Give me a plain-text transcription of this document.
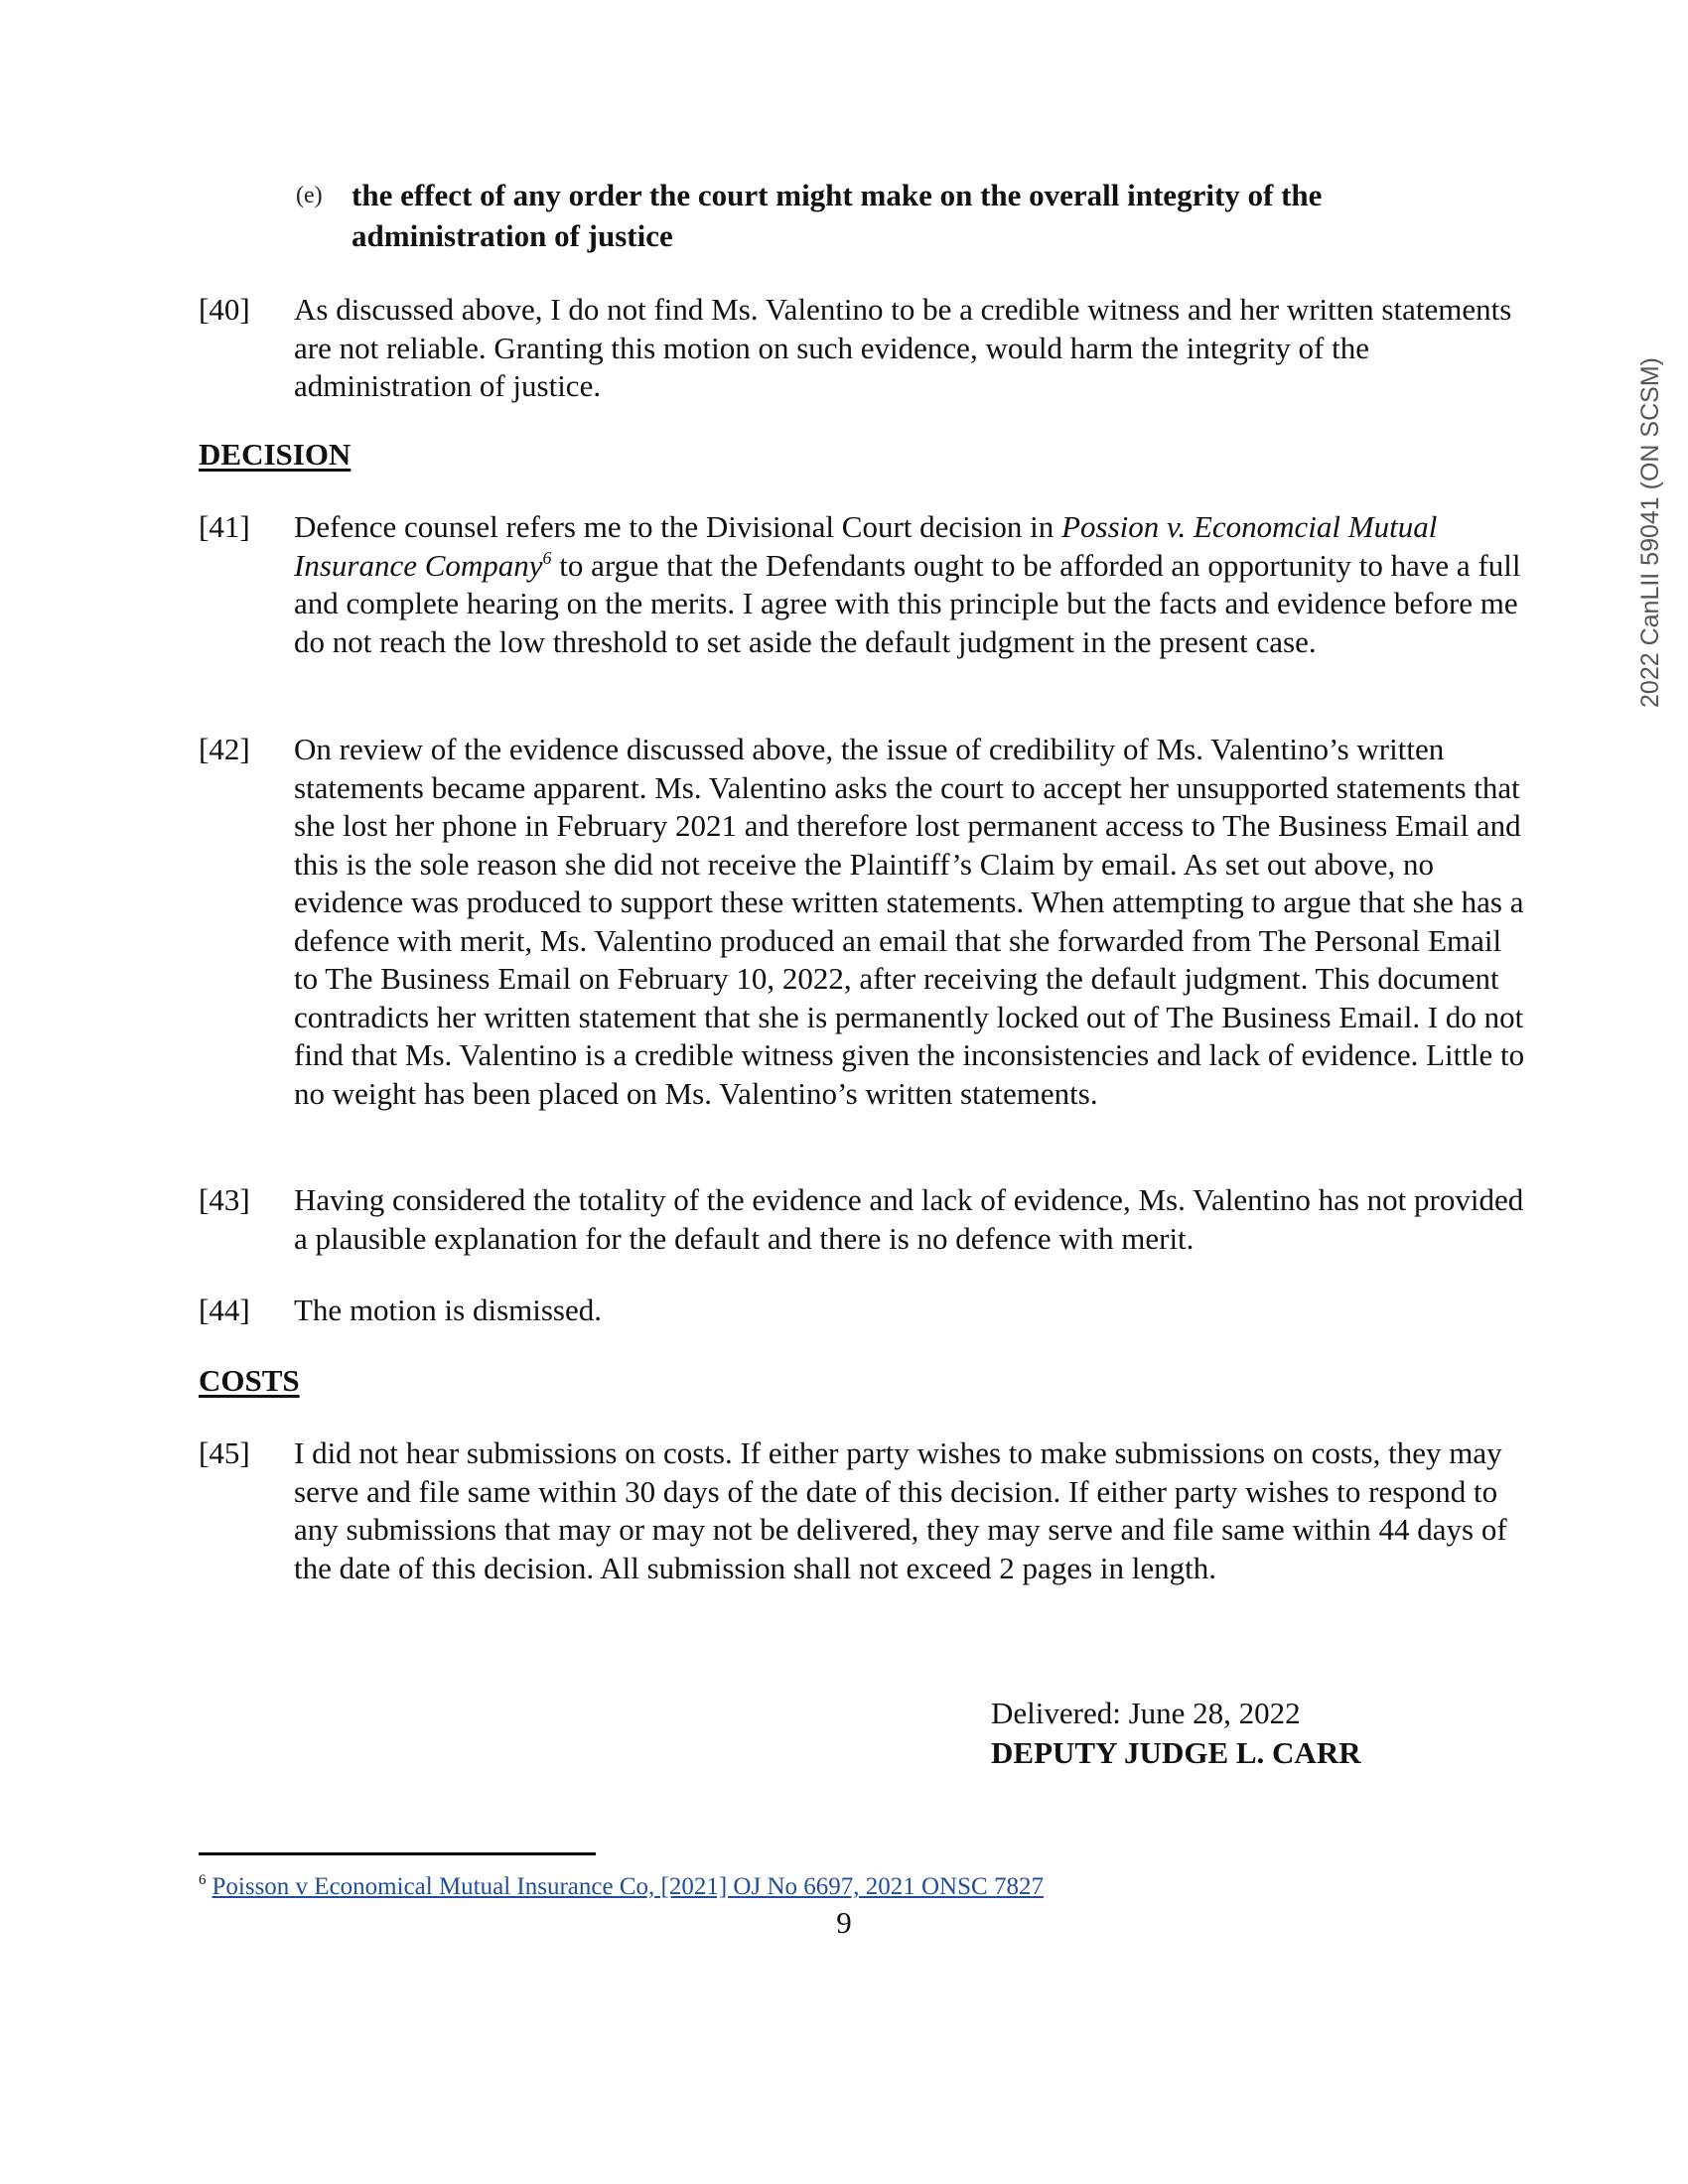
(e) the effect of any order the court might make on the overall integrity of the administration of justice
[40] As discussed above, I do not find Ms. Valentino to be a credible witness and her written statements are not reliable. Granting this motion on such evidence, would harm the integrity of the administration of justice.
DECISION
[41] Defence counsel refers me to the Divisional Court decision in Possion v. Economcial Mutual Insurance Company$^6$ to argue that the Defendants ought to be afforded an opportunity to have a full and complete hearing on the merits. I agree with this principle but the facts and evidence before me do not reach the low threshold to set aside the default judgment in the present case.
[42] On review of the evidence discussed above, the issue of credibility of Ms. Valentino’s written statements became apparent. Ms. Valentino asks the court to accept her unsupported statements that she lost her phone in February 2021 and therefore lost permanent access to The Business Email and this is the sole reason she did not receive the Plaintiff’s Claim by email. As set out above, no evidence was produced to support these written statements. When attempting to argue that she has a defence with merit, Ms. Valentino produced an email that she forwarded from The Personal Email to The Business Email on February 10, 2022, after receiving the default judgment. This document contradicts her written statement that she is permanently locked out of The Business Email. I do not find that Ms. Valentino is a credible witness given the inconsistencies and lack of evidence. Little to no weight has been placed on Ms. Valentino’s written statements.
[43] Having considered the totality of the evidence and lack of evidence, Ms. Valentino has not provided a plausible explanation for the default and there is no defence with merit.
[44] The motion is dismissed.
COSTS
[45] I did not hear submissions on costs. If either party wishes to make submissions on costs, they may serve and file same within 30 days of the date of this decision. If either party wishes to respond to any submissions that may or may not be delivered, they may serve and file same within 44 days of the date of this decision. All submission shall not exceed 2 pages in length.
Delivered: June 28, 2022
DEPUTY JUDGE L. CARR
2022 CanLII 59041 (ON SCSM)
$^6$ Poisson v Economical Mutual Insurance Co, [2021] OJ No 6697, 2021 ONSC 7827
9
